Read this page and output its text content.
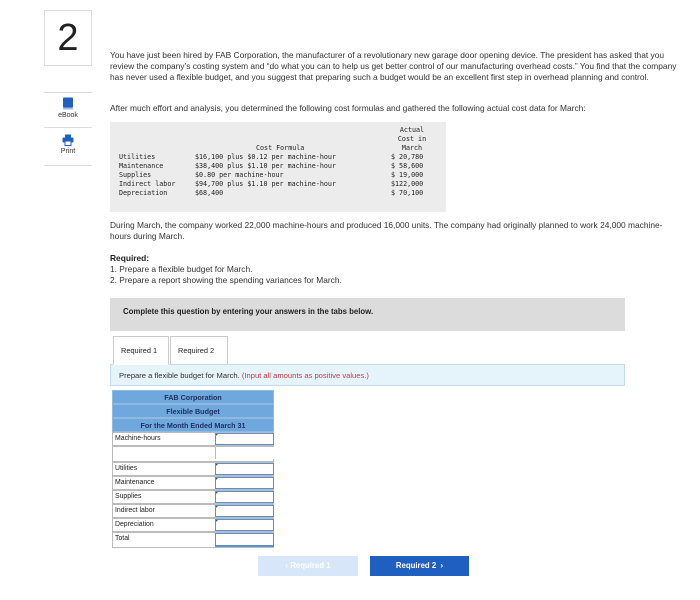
2
eBook
Print

You have just been hired by FAB Corporation, the manufacturer of a revolutionary new garage door opening device. The president has asked that you review the company’s costing system and “do what you can to help us get better control of our manufacturing overhead costs.” You find that the company has never used a flexible budget, and you suggest that preparing such a budget would be an excellent first step in overhead planning and control.

After much effort and analysis, you determined the following cost formulas and gathered the following actual cost data for March:

Cost Formula
Actual
Cost in
March
Utilities	$16,100 plus $0.12 per machine-hour	$ 20,780
Maintenance	$38,400 plus $1.10 per machine-hour	$ 58,600
Supplies	$0.80 per machine-hour	$ 19,000
Indirect labor	$94,700 plus $1.10 per machine-hour	$122,000
Depreciation	$68,400	$ 70,100

During March, the company worked 22,000 machine-hours and produced 16,000 units. The company had originally planned to work 24,000 machine-hours during March.

Required:

1. Prepare a flexible budget for March.
2. Prepare a report showing the spending variances for March.
Complete this question by entering your answers in the tabs below.
Required 1	Required 2
Prepare a flexible budget for March. (Input all amounts as positive values.)
FAB Corporation
Flexible Budget
For the Month Ended March 31
Machine-hours
Utilities
Maintenance
Supplies
Indirect labor
Depreciation
Total
‹ Required 1	Required 2  ›
